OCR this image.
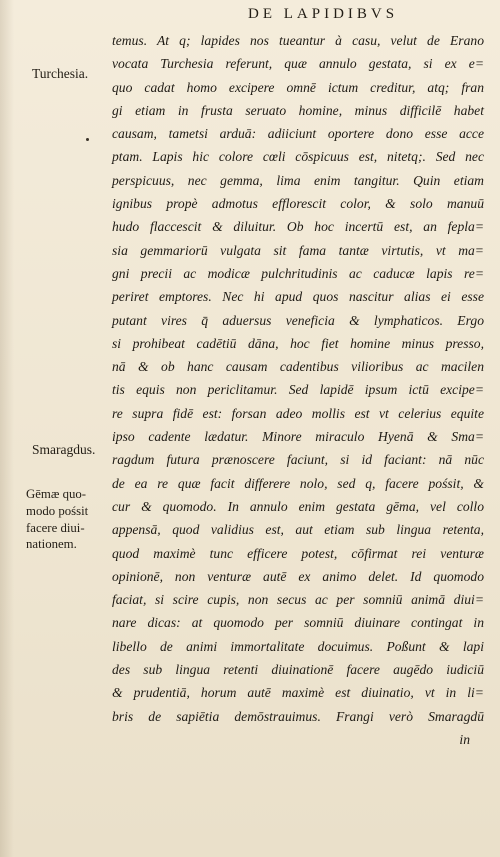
DE LAPIDIBVS
Turchesia.
Smaragdus.
Gēmæ quo-
modo pośsit
facere diui-
nationem.
temus. At q; lapides nos tueantur à casu, velut de Erano
vocata Turchesia referunt, quæ annulo gestata, si ex e=
quo cadat homo excipere omnē ictum creditur, atq; fran
gi etiam in frusta seruato homine, minus difficilē habet
causam, tametsi arduā: adiiciunt oportere dono esse acce
ptam. Lapis hic colore cœli cōspicuus est, nitetq;. Sed nec
perspicuus, nec gemma, lima enim tangitur. Quin etiam
ignibus propè admotus efflorescit color, & solo manuū
hudo flaccescit & diluitur. Ob hoc incertū est, an fepla=
sia gemmariorū vulgata sit fama tantæ virtutis, vt ma=
gni precii ac modicæ pulchritudinis ac caducæ lapis re=
periret emptores. Nec hi apud quos nascitur alias ei esse
putant vires q̄ aduersus veneficia & lymphaticos. Ergo
si prohibeat cadētiū dāna, hoc fiet homine minus presso,
nā & ob hanc causam cadentibus vilioribus ac macilen
tis equis non periclitamur. Sed lapidē ipsum ictū excipe=
re supra fidē est: forsan adeo mollis est vt celerius equite
ipso cadente lædatur. Minore miraculo Hyenā & Sma=
ragdum futura prænoscere faciunt, si id faciant: nā nūc
de ea re quæ facit differere nolo, sed q, facere pośsit, &
cur & quomodo. In annulo enim gestata gēma, vel collo
appensā, quod validius est, aut etiam sub lingua retenta,
quod maximè tunc efficere potest, cōfirmat rei venturæ
opinionē, non venturæ autē ex animo delet. Id quomodo
faciat, si scire cupis, non secus ac per somniū animā diui=
nare dicas: at quomodo per somniū diuinare contingat in
libello de animi immortalitate docuimus. Poßunt & lapi
des sub lingua retenti diuinationē facere augēdo iudiciū
& prudentiā, horum autē maximè est diuinatio, vt in li=
bris de sapiētia demōstrauimus. Frangi verò Smaragdū
in
